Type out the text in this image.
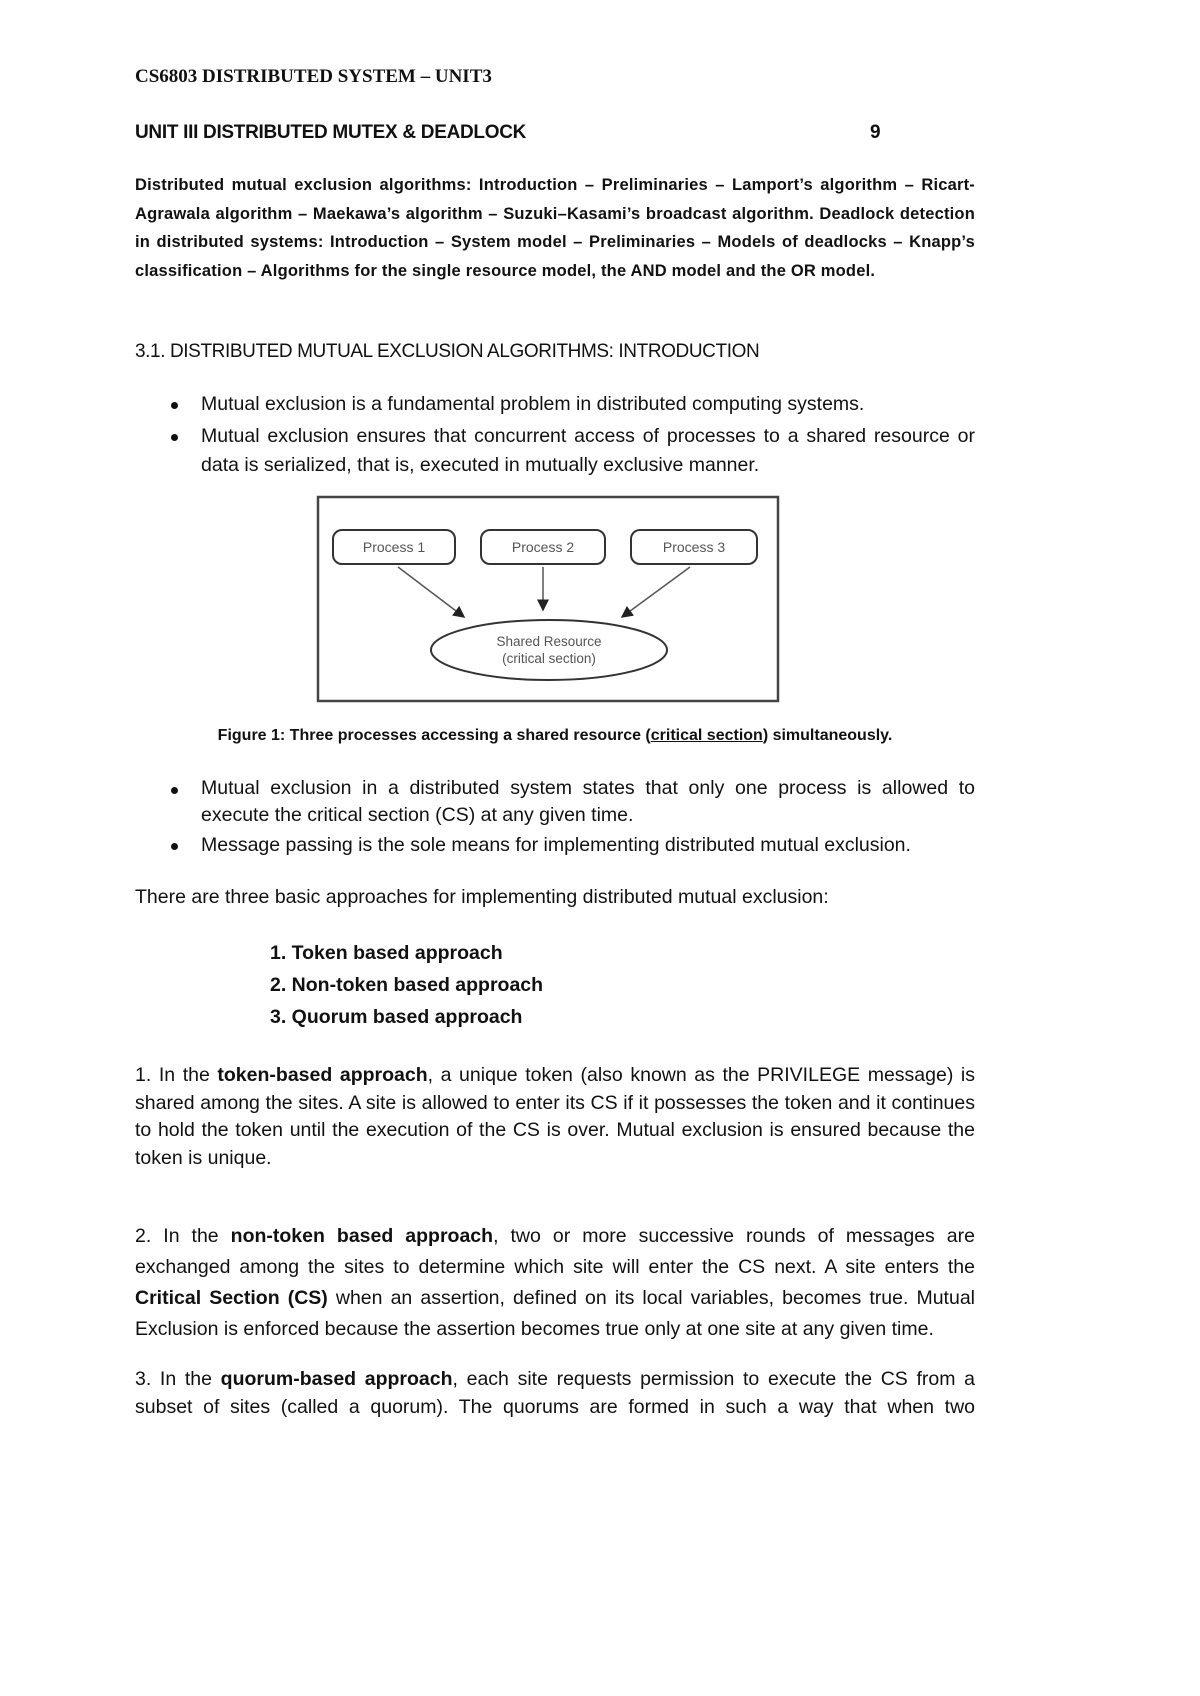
CS6803 DISTRIBUTED SYSTEM – UNIT3
UNIT III DISTRIBUTED MUTEX & DEADLOCK	9
Distributed mutual exclusion algorithms: Introduction – Preliminaries – Lamport’s algorithm – Ricart-Agrawala algorithm – Maekawa’s algorithm – Suzuki–Kasami’s broadcast algorithm. Deadlock detection in distributed systems: Introduction – System model – Preliminaries – Models of deadlocks – Knapp’s classification – Algorithms for the single resource model, the AND model and the OR model.
3.1. DISTRIBUTED MUTUAL EXCLUSION ALGORITHMS: INTRODUCTION
Mutual exclusion is a fundamental problem in distributed computing systems.
Mutual exclusion ensures that concurrent access of processes to a shared resource or data is serialized, that is, executed in mutually exclusive manner.
Process 1	Process 2	Process 3
Shared Resource
(critical section)
Figure 1: Three processes accessing a shared resource (critical section) simultaneously.
Mutual exclusion in a distributed system states that only one process is allowed to execute the critical section (CS) at any given time.
Message passing is the sole means for implementing distributed mutual exclusion.
There are three basic approaches for implementing distributed mutual exclusion:
1. Token based approach
2. Non-token based approach
3. Quorum based approach
1. In the token-based approach, a unique token (also known as the PRIVILEGE message) is shared among the sites. A site is allowed to enter its CS if it possesses the token and it continues to hold the token until the execution of the CS is over. Mutual exclusion is ensured because the token is unique.
2. In the non-token based approach, two or more successive rounds of messages are exchanged among the sites to determine which site will enter the CS next. A site enters the Critical Section (CS) when an assertion, defined on its local variables, becomes true. Mutual Exclusion is enforced because the assertion becomes true only at one site at any given time.
3. In the quorum-based approach, each site requests permission to execute the CS from a subset of sites (called a quorum). The quorums are formed in such a way that when two
